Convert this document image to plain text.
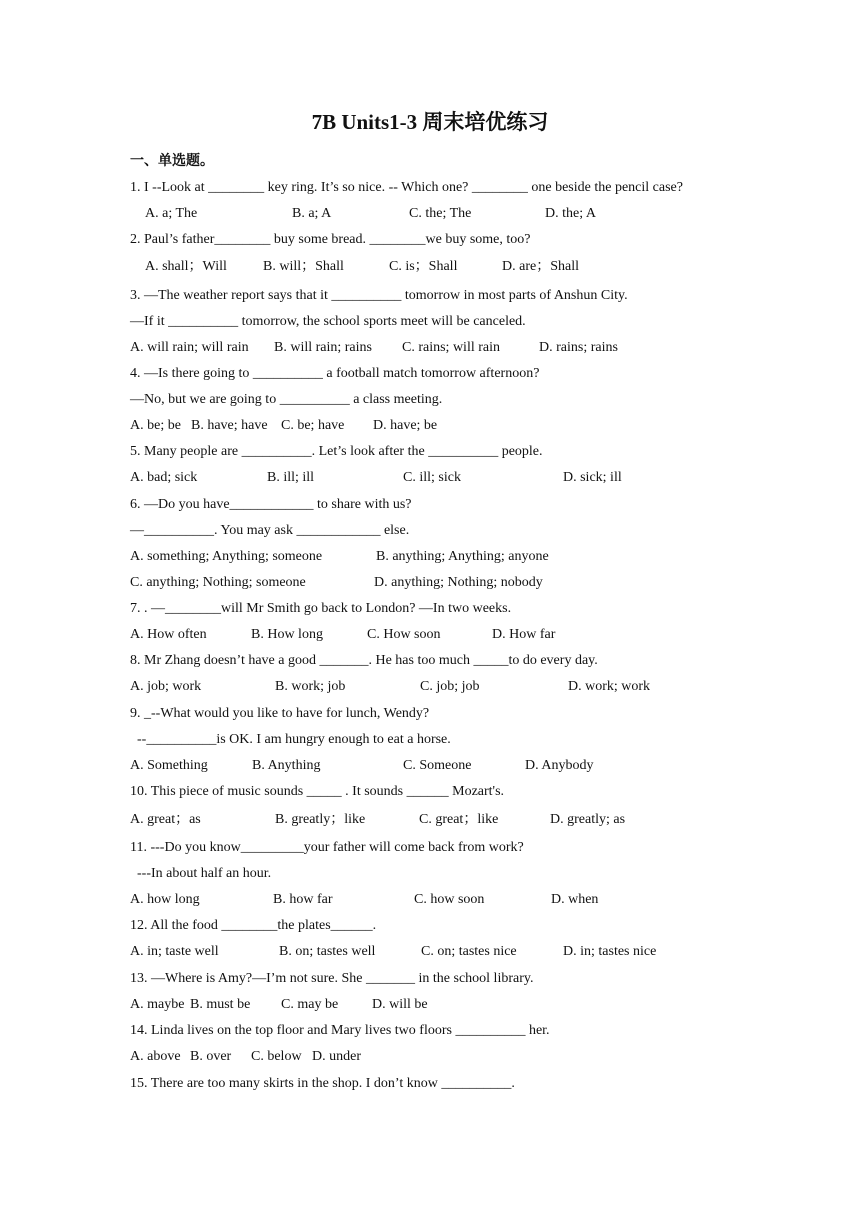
7B Units1-3 周末培优练习
一、单选题。
1. I --Look at ________ key ring. It’s so nice. -- Which one? ________ one beside the pencil case?
A. a; The	B. a; A	C. the; The	D. the; A
2. Paul’s father________ buy some bread. ________we buy some, too?
A. shall；Will	B. will；Shall	C. is；Shall	D. are；Shall
3. —The weather report says that it __________ tomorrow in most parts of Anshun City.
—If it __________ tomorrow, the school sports meet will be canceled.
A. will rain; will rain B. will rain; rains C. rains; will rain	D. rains; rains
4. —Is there going to __________ a football match tomorrow afternoon?
—No, but we are going to __________ a class meeting.
A. be; be B. have; have C. be; have D. have; be
5. Many people are __________. Let’s look after the __________ people.
A. bad; sick	B. ill; ill	C. ill; sick	D. sick; ill
6. —Do you have____________ to share with us?
—__________. You may ask ____________ else.
A. something; Anything; someone	B. anything; Anything; anyone
C. anything; Nothing; someone	D. anything; Nothing; nobody
7. . —________will Mr Smith go back to London? —In two weeks.
A. How often	B. How long	C. How soon	D. How far
8. Mr Zhang doesn’t have a good _______. He has too much _____to do every day.
A. job; work	B. work; job	C. job; job	D. work; work
9. _--What would you like to have for lunch, Wendy?
--__________is OK. I am hungry enough to eat a horse.
A. Something	B. Anything	C. Someone	D. Anybody
10. This piece of music sounds _____ . It sounds ______ Mozart's.
A. great；as	B. greatly；like	C. great；like	D. greatly; as
11. ---Do you know_________your father will come back from work?
---In about half an hour.
A. how long	B. how far	C. how soon	D. when
12. All the food ________the plates______.
A. in; taste well	B. on; tastes well	C. on; tastes nice	D. in; tastes nice
13. —Where is Amy?—I’m not sure. She _______ in the school library.
A. maybe B. must be C. may be D. will be
14. Linda lives on the top floor and Mary lives two floors __________ her.
A. above B. over C. below D. under
15. There are too many skirts in the shop. I don’t know __________.
